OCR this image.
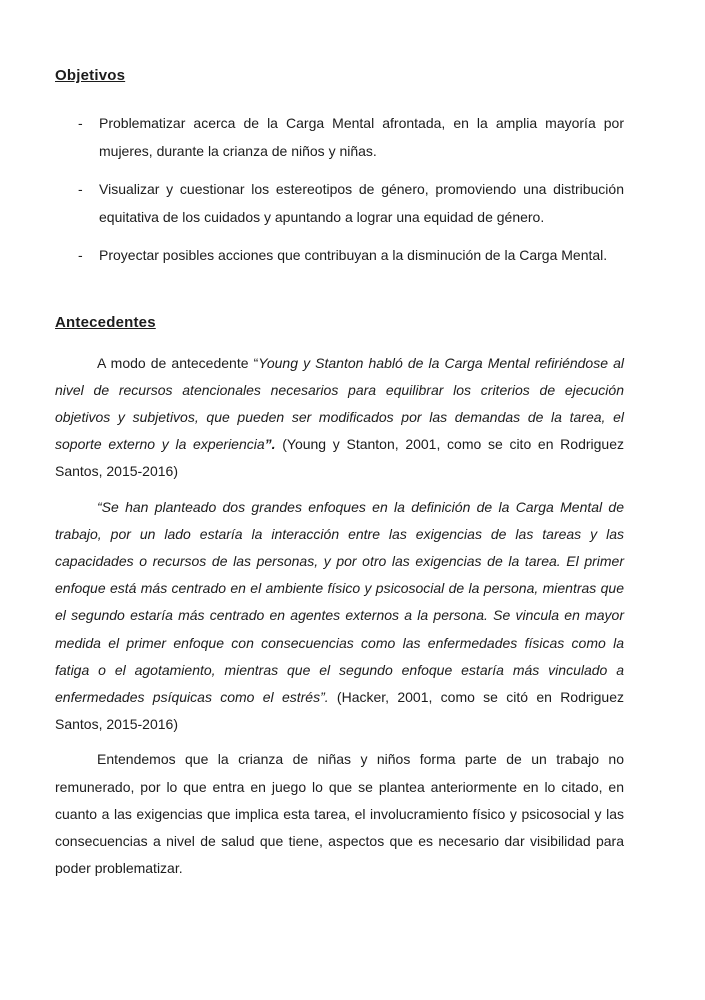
Objetivos
- Problematizar acerca de la Carga Mental afrontada, en la amplia mayoría por mujeres, durante la crianza de niños y niñas.
- Visualizar y cuestionar los estereotipos de género, promoviendo una distribución equitativa de los cuidados y apuntando a lograr una equidad de género.
- Proyectar posibles acciones que contribuyan a la disminución de la Carga Mental.
Antecedentes

A modo de antecedente “Young y Stanton habló de la Carga Mental refiriéndose al nivel de recursos atencionales necesarios para equilibrar los criterios de ejecución objetivos y subjetivos, que pueden ser modificados por las demandas de la tarea, el soporte externo y la experiencia”. (Young y Stanton, 2001, como se cito en Rodriguez Santos, 2015-2016)

“Se han planteado dos grandes enfoques en la definición de la Carga Mental de trabajo, por un lado estaría la interacción entre las exigencias de las tareas y las capacidades o recursos de las personas, y por otro las exigencias de la tarea. El primer enfoque está más centrado en el ambiente físico y psicosocial de la persona, mientras que el segundo estaría más centrado en agentes externos a la persona. Se vincula en mayor medida el primer enfoque con consecuencias como las enfermedades físicas como la fatiga o el agotamiento, mientras que el segundo enfoque estaría más vinculado a enfermedades psíquicas como el estrés”. (Hacker, 2001, como se citó en Rodriguez Santos, 2015-2016)

Entendemos que la crianza de niñas y niños forma parte de un trabajo no remunerado, por lo que entra en juego lo que se plantea anteriormente en lo citado, en cuanto a las exigencias que implica esta tarea, el involucramiento físico y psicosocial y las consecuencias a nivel de salud que tiene, aspectos que es necesario dar visibilidad para poder problematizar.
